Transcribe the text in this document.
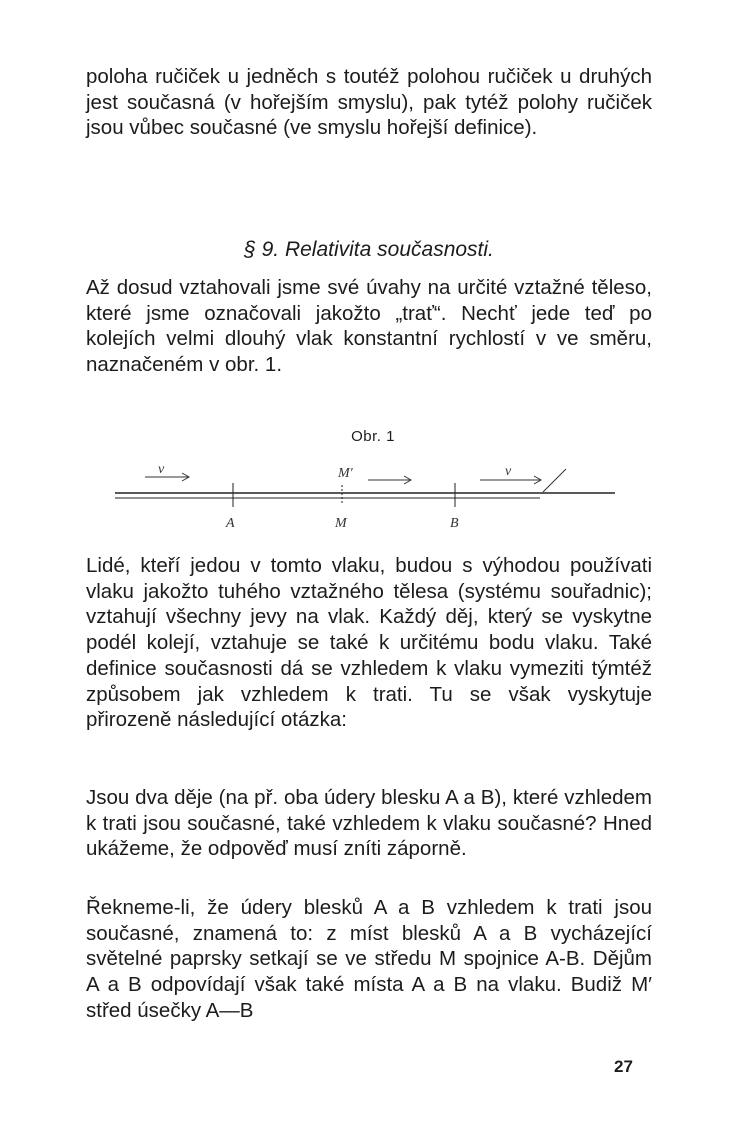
poloha ručiček u jedněch s toutéž polohou ručiček u druhých jest současná (v hořejším smyslu), pak tytéž polohy ručiček jsou vůbec současné (ve smyslu hořejší definice).

§ 9. Relativita současnosti.

Až dosud vztahovali jsme své úvahy na určité vztažné těleso, které jsme označovali jakožto „trať“. Nechť jede teď po kolejích velmi dlouhý vlak konstantní rychlostí v ve směru, naznačeném v obr. 1.

Obr. 1
v	M′	v
A	M	B

Lidé, kteří jedou v tomto vlaku, budou s výhodou používati vlaku jakožto tuhého vztažného tělesa (systému souřadnic); vztahují všechny jevy na vlak. Každý děj, který se vyskytne podél kolejí, vztahuje se také k určitému bodu vlaku. Také definice současnosti dá se vzhledem k vlaku vymeziti týmtéž způsobem jak vzhledem k trati. Tu se však vyskytuje přirozeně následující otázka:

Jsou dva děje (na př. oba údery blesku A a B), které vzhledem k trati jsou současné, také vzhledem k vlaku současné? Hned ukážeme, že odpověď musí zníti záporně.

Řekneme-li, že údery blesků A a B vzhledem k trati jsou současné, znamená to: z míst blesků A a B vycházející světelné paprsky setkají se ve středu M spojnice A-B. Dějům A a B odpovídají však také místa A a B na vlaku. Budiž M′ střed úsečky A—B

27
